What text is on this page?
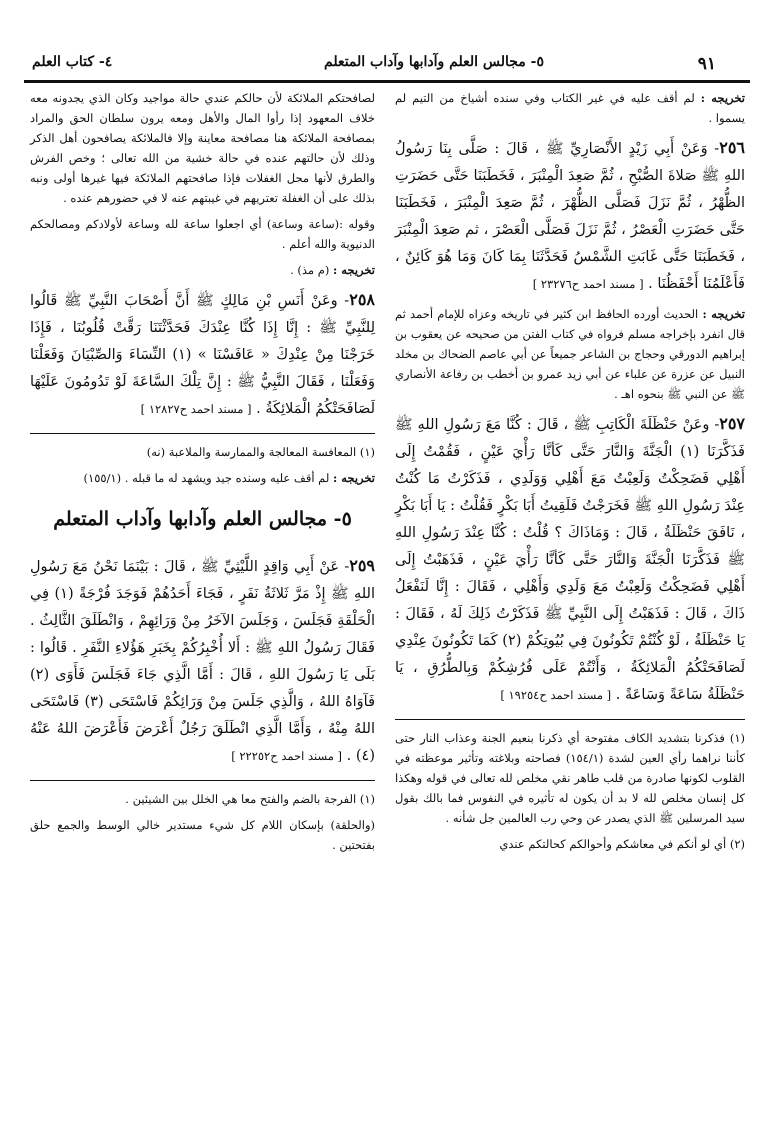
٩١
٥- مجالس العلم وآدابها وآداب المتعلم
٤- كتاب العلم
تخريجه : لم أقف عليه في غير الكتاب وفي سنده أشياخ من التيم لم يسموا .
٢٥٦- وَعَنْ أَبِي زَيْدٍ الأَنْصَارِيِّ ﷺ ، قَالَ : صَلَّى بِنَا رَسُولُ اللهِ ﷺ صَلاةَ الصُّبْحِ ، ثُمَّ صَعِدَ الْمِنْبَرَ ، فَخَطَبَنَا حَتَّى حَضَرَتِ الظُّهْرُ ، ثُمَّ نَزَلَ فَصَلَّى الظُّهْرَ ، ثُمَّ صَعِدَ الْمِنْبَرَ ، فَخَطَبَنَا حَتَّى حَضَرَتِ الْعَصْرُ ، ثُمَّ نَزَلَ فَصَلَّى الْعَصْرَ ، ثم صَعِدَ الْمِنْبَرَ ، فَخَطَبَنَا حَتَّى غَابَتِ الشَّمْسُ فَحَدَّثَنَا بِمَا كَانَ وَمَا هُوَ كَائِنٌ ، فَأَعْلَمُنَا أَحْفَظُنَا . [ مسند احمد ح٢٣٢٧٦ ]
تخريجه : الحديث أورده الحافظ ابن كثير في تاريخه وعزاه للإمام أحمد ثم قال انفرد بإخراجه مسلم فرواه في كتاب الفتن من صحيحه عن يعقوب بن إبراهيم الدورقي وحجاج بن الشاعر جميعاً عن أبي عاصم الضحاك بن مخلد النبيل عن عزرة عن علباء عن أبي زيد عمرو بن أخطب بن رفاعة الأنصاري ﷺ عن النبي ﷺ بنحوه اهـ .
٢٥٧- وعَنْ حَنْظَلَةَ الْكَاتِبِ ﷺ ، قَالَ : كُنَّا مَعَ رَسُولِ اللهِ ﷺ فَذَكَّرَنَا (١) الْجَنَّةَ وَالنَّارَ حَتَّى كَأنَّا رَأْيَ عَيْنٍ ، فَقُمْتُ إِلَى أَهْلِي فَضَحِكْتُ وَلَعِبْتُ مَعَ أَهْلِي وَوَلَدِي ، فَذَكَرْتُ مَا كُنْتُ عِنْدَ رَسُولِ اللهِ ﷺ فَخَرَجْتُ فَلَقِيتُ أَبَا بَكْرٍ فَقُلْتُ : يَا أَبَا بَكْرٍ ، نَافَقَ حَنْظَلَةُ ، قَالَ : وَمَاذَاكَ ؟ قُلْتُ : كُنَّا عِنْدَ رَسُولِ اللهِ ﷺ فَذَكَّرَنَا الْجَنَّةَ وَالنَّارَ حَتَّى كَأنَّا رَأْيَ عَيْنٍ ، فَذَهَبْتُ إِلَى أَهْلِي فَضَحِكْتُ وَلَعِبْتُ مَعَ وَلَدِي وَأَهْلِي ، فَقَالَ : إِنَّا لَنَفْعَلُ ذَاكَ ، قَالَ : فَذَهَبْتُ إِلَى النَّبِيِّ ﷺ فَذَكَرْتُ ذَلِكَ لَهُ ، فَقَالَ : يَا حَنْظَلَةُ ، لَوْ كُنْتُمْ تَكُونُونَ فِي بُيُوتِكُمْ (٢) كَمَا تَكُونُونَ عِنْدِي لَصَافَحَتْكُمُ الْمَلائِكَةُ ، وَأَنْتُمْ عَلَى فُرُشِكُمْ وَبِالطُّرُقِ ، يَا حَنْظَلَةُ سَاعَةً وَسَاعَةً . [ مسند احمد ح١٩٢٥٤ ]
(١) فذكرنا بتشديد الكاف مفتوحة أي ذكرنا بنعيم الجنة وعذاب النار حتى كأننا نراهما رأي العين لشدة (١٥٤/١) فصاحته وبلاغته وتأثير موعظته في القلوب لكونها صادرة من قلب طاهر نقي مخلص لله تعالى في قوله وهكذا كل إنسان مخلص لله لا بد أن يكون له تأثيره في النفوس فما بالك بقول سيد المرسلين ﷺ الذي يصدر عن وحي رب العالمين جل شأنه .
(٢) أي لو أنكم في معاشكم وأحوالكم كحالتكم عندي
لصافحتكم الملائكة لأن حالكم عندي حالة مواجيد وكان الذي يجدونه معه خلاف المعهود إذا رأوا المال والأهل ومعه يرون سلطان الحق والمراد بمصافحة الملائكة هنا مصافحة معاينة وإلا فالملائكة يصافحون أهل الذكر وذلك لأن حالتهم عنده في حالة خشية من الله تعالى ؛ وخص الفرش والطرق لأنها محل الغفلات فإذا صافحتهم الملائكة فيها غيرها أولى ونبه بذلك على أن الغفلة تعتريهم في غيبتهم عنه لا في حضورهم عنده .
وقوله :(ساعة وساعة) أي اجعلوا ساعة لله وساعة لأولادكم ومصالحكم الدنيوية والله أعلم .
تخريجه : (م مذ) .
٢٥٨- وعَنْ أَنَسِ بْنِ مَالِكٍ ﷺ أَنَّ أَصْحَابَ النَّبِيِّ ﷺ قَالُوا لِلنَّبِيِّ ﷺ : إِنَّا إِذَا كُنَّا عِنْدَكَ فَحَدَّثْتَنَا رَقَّتْ قُلُوبُنَا ، فَإِذَا خَرَجْنَا مِنْ عِنْدِكَ « عَافَسْنَا » (١) النِّسَاءَ وَالصِّبْيَانَ وَفَعَلْنَا وَفَعَلْنَا ، فَقَالَ النَّبِيُّ ﷺ : إِنَّ تِلْكَ السَّاعَةَ لَوْ تَدُومُونَ عَلَيْهَا لَصَافَحَتْكُمُ الْمَلائِكَةُ . [ مسند احمد ح١٢٨٢٧ ]
(١) المعافسة المعالجة والممارسة والملاعبة (نه)
تخريجه : لم أقف عليه وسنده جيد ويشهد له ما قبله . (١٥٥/١)
٥- مجالس العلم وآدابها وآداب المتعلم
٢٥٩- عَنْ أَبِي وَاقِدٍ اللَّيْثِيِّ ﷺ ، قَالَ : بَيْنَمَا نَحْنُ مَعَ رَسُولِ اللهِ ﷺ إِذْ مَرَّ ثَلاثَةُ نَفَرٍ ، فَجَاءَ أَحَدُهُمْ فَوَجَدَ فُرْجَةً (١) فِي الْحَلْقَةِ فَجَلَسَ ، وَجَلَسَ الآخَرُ مِنْ وَرَائِهِمْ ، وَانْطَلَقَ الثَّالِثُ . فَقَالَ رَسُولُ اللهِ ﷺ : أَلا أُخْبِرُكُمْ بِخَبَرِ هَؤُلاءِ النَّفَرِ . قَالُوا : بَلَى يَا رَسُولَ اللهِ ، قَالَ : أَمَّا الَّذِي جَاءَ فَجَلَسَ فَأَوَى (٢) فَآوَاهُ اللهُ ، وَالَّذِي جَلَسَ مِنْ وَرَائِكُمْ فَاسْتَحَى (٣) فَاسْتَحَى اللهُ مِنْهُ ، وَأَمَّا الَّذِي انْطَلَقَ رَجُلٌ أَعْرَضَ فَأَعْرَضَ اللهُ عَنْهُ (٤) . [ مسند احمد ح٢٢٢٥٢ ]
(١) الفرجة بالضم والفتح معا هي الخلل بين الشيئين .
(والحلقة) بإسكان اللام كل شيء مستدير خالي الوسط والجمع حلق بفتحتين .
